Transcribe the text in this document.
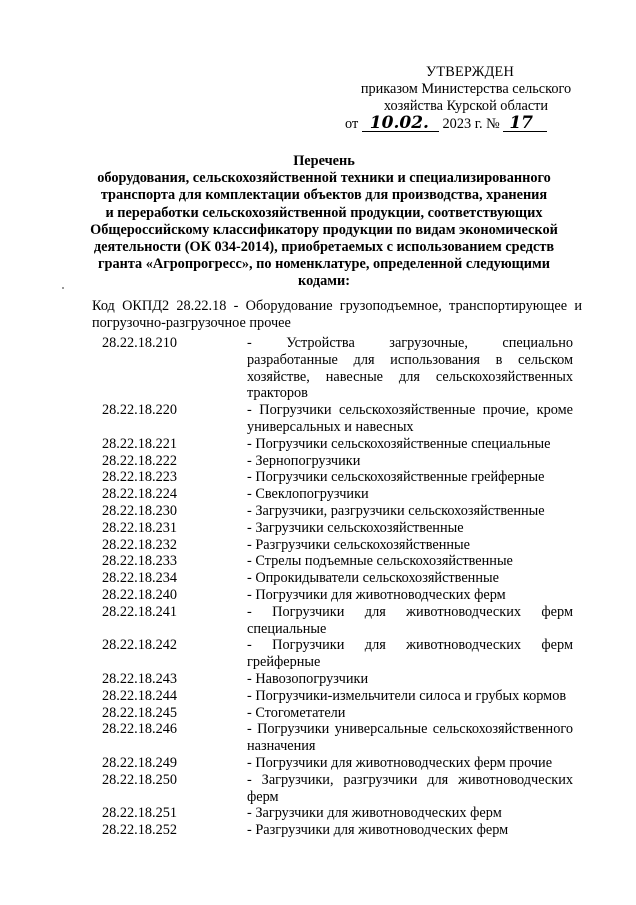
УТВЕРЖДЕН
приказом Министерства сельского
хозяйства Курской области
от 10.02. 2023 г. № 17
Перечень
оборудования, сельскохозяйственной техники и специализированного
транспорта для комплектации объектов для производства, хранения
и переработки сельскохозяйственной продукции, соответствующих
Общероссийскому классификатору продукции по видам экономической
деятельности (ОК 034-2014), приобретаемых с использованием средств
гранта «Агропрогресс», по номенклатуре, определенной следующими
кодами:
Код ОКПД2 28.22.18 - Оборудование грузоподъемное, транспортирующее и погрузочно-разгрузочное прочее
28.22.18.210	- Устройства загрузочные, специально разработанные для использования в сельском хозяйстве, навесные для сельскохозяйственных тракторов
28.22.18.220	- Погрузчики сельскохозяйственные прочие, кроме универсальных и навесных
28.22.18.221	- Погрузчики сельскохозяйственные специальные
28.22.18.222	- Зернопогрузчики
28.22.18.223	- Погрузчики сельскохозяйственные грейферные
28.22.18.224	- Свеклопогрузчики
28.22.18.230	- Загрузчики, разгрузчики сельскохозяйственные
28.22.18.231	- Загрузчики сельскохозяйственные
28.22.18.232	- Разгрузчики сельскохозяйственные
28.22.18.233	- Стрелы подъемные сельскохозяйственные
28.22.18.234	- Опрокидыватели сельскохозяйственные
28.22.18.240	- Погрузчики для животноводческих ферм
28.22.18.241	- Погрузчики для животноводческих ферм специальные
28.22.18.242	- Погрузчики для животноводческих ферм грейферные
28.22.18.243	- Навозопогрузчики
28.22.18.244	- Погрузчики-измельчители силоса и грубых кормов
28.22.18.245	- Стогометатели
28.22.18.246	- Погрузчики универсальные сельскохозяйственного назначения
28.22.18.249	- Погрузчики для животноводческих ферм прочие
28.22.18.250	- Загрузчики, разгрузчики для животноводческих ферм
28.22.18.251	- Загрузчики для животноводческих ферм
28.22.18.252	- Разгрузчики для животноводческих ферм
